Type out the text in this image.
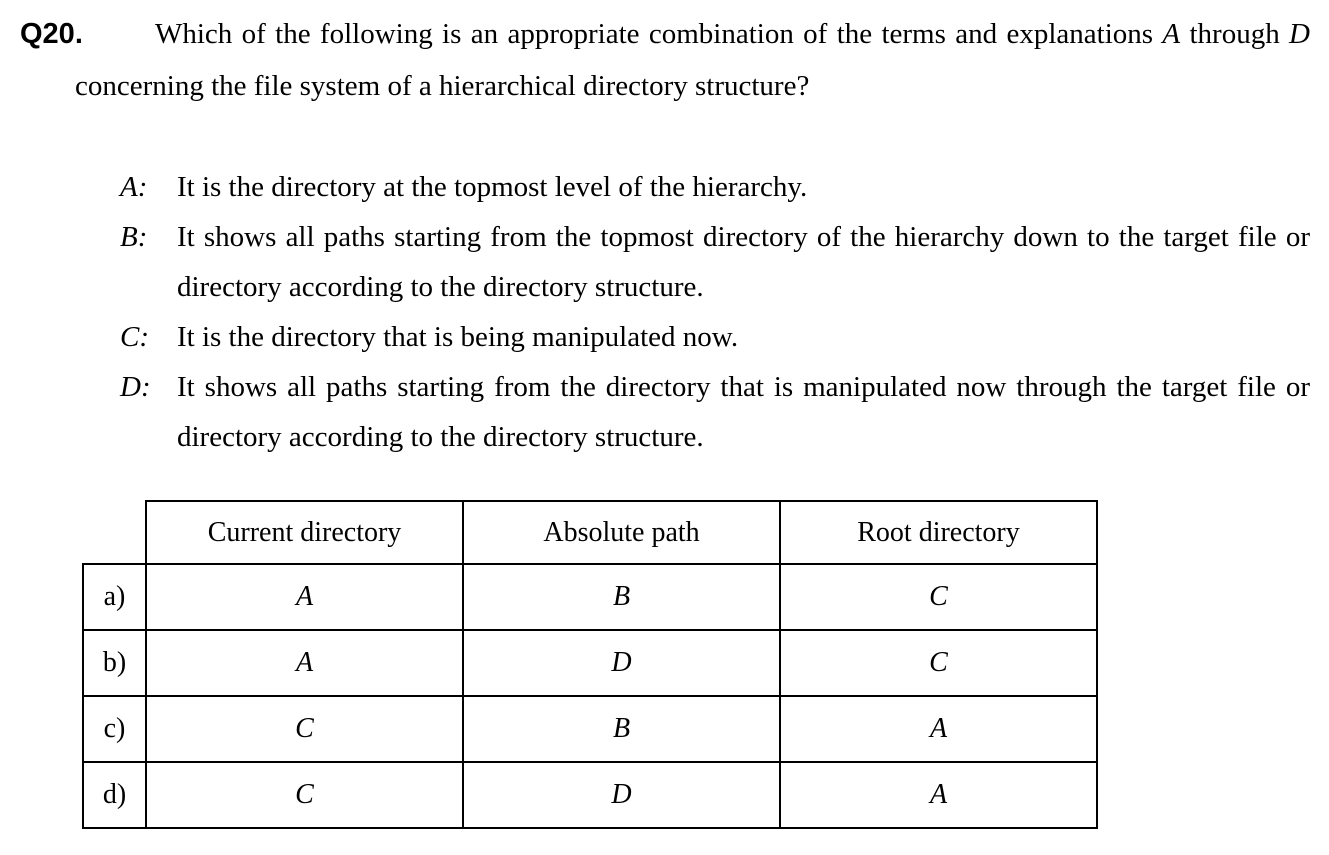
Q20.	Which of the following is an appropriate combination of the terms and explanations A through D concerning the file system of a hierarchical directory structure?

A:	It is the directory at the topmost level of the hierarchy.
B:	It shows all paths starting from the topmost directory of the hierarchy down to the target file or directory according to the directory structure.
C: It is the directory that is being manipulated now.
D: It shows all paths starting from the directory that is manipulated now through the target file or directory according to the directory structure.
	Current directory	Absolute path	Root directory
a)	A	B	C
b)	A	D	C
c)	C	B	A
d)	C	D	A
